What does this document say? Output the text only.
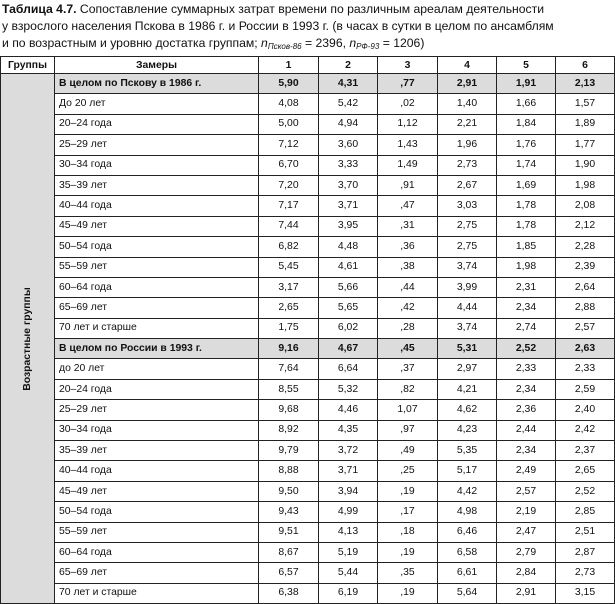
Таблица 4.7. Сопоставление суммарных затрат времени по различным ареалам деятельности
у взрослого населения Пскова в 1986 г. и России в 1993 г. (в часах в сутки в целом по ансамблям
и по возрастным и уровню достатка группам; $n_{Псков-86} = 2396$, $n_{РФ-93} = 1206$)
Группы	Замеры	1	2	3	4	5	6

Возрастные группы	В целом по Пскову в 1986 г.	5,90	4,31	,77	2,91	1,91	2,13
	До 20 лет	4,08	5,42	,02	1,40	1,66	1,57
	20–24 года	5,00	4,94	1,12	2,21	1,84	1,89
	25–29 лет	7,12	3,60	1,43	1,96	1,76	1,77
	30–34 года	6,70	3,33	1,49	2,73	1,74	1,90
	35–39 лет	7,20	3,70	,91	2,67	1,69	1,98
	40–44 года	7,17	3,71	,47	3,03	1,78	2,08
	45–49 лет	7,44	3,95	,31	2,75	1,78	2,12
	50–54 года	6,82	4,48	,36	2,75	1,85	2,28
	55–59 лет	5,45	4,61	,38	3,74	1,98	2,39
	60–64 года	3,17	5,66	,44	3,99	2,31	2,64
	65–69 лет	2,65	5,65	,42	4,44	2,34	2,88
	70 лет и старше	1,75	6,02	,28	3,74	2,74	2,57
	В целом по России в 1993 г.	9,16	4,67	,45	5,31	2,52	2,63
	до 20 лет	7,64	6,64	,37	2,97	2,33	2,33
	20–24 года	8,55	5,32	,82	4,21	2,34	2,59
	25–29 лет	9,68	4,46	1,07	4,62	2,36	2,40
	30–34 года	8,92	4,35	,97	4,23	2,44	2,42
	35–39 лет	9,79	3,72	,49	5,35	2,34	2,37
	40–44 года	8,88	3,71	,25	5,17	2,49	2,65
	45–49 лет	9,50	3,94	,19	4,42	2,57	2,52
	50–54 года	9,43	4,99	,17	4,98	2,19	2,85
	55–59 лет	9,51	4,13	,18	6,46	2,47	2,51
	60–64 года	8,67	5,19	,19	6,58	2,79	2,87
	65–69 лет	6,57	5,44	,35	6,61	2,84	2,73
	70 лет и старше	6,38	6,19	,19	5,64	2,91	3,15
